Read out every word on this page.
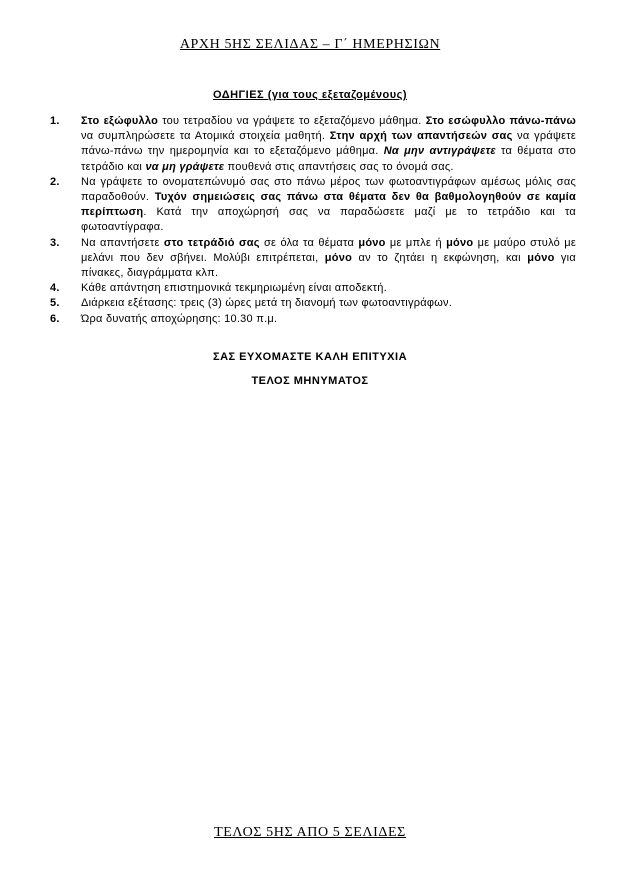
ΑΡΧΗ 5ΗΣ ΣΕΛΙΔΑΣ – Γ΄ ΗΜΕΡΗΣΙΩΝ
ΟΔΗΓΙΕΣ (για τους εξεταζομένους)
1.	Στο εξώφυλλο του τετραδίου να γράψετε το εξεταζόμενο μάθημα. Στο εσώφυλλο πάνω-πάνω να συμπληρώσετε τα Ατομικά στοιχεία μαθητή. Στην αρχή των απαντήσεών σας να γράψετε πάνω-πάνω την ημερομηνία και το εξεταζόμενο μάθημα. Να μην αντιγράψετε τα θέματα στο τετράδιο και να μη γράψετε πουθενά στις απαντήσεις σας το όνομά σας.
2.	Να γράψετε το ονοματεπώνυμό σας στο πάνω μέρος των φωτοαντιγράφων αμέσως μόλις σας παραδοθούν. Τυχόν σημειώσεις σας πάνω στα θέματα δεν θα βαθμολογηθούν σε καμία περίπτωση. Κατά την αποχώρησή σας να παραδώσετε μαζί με το τετράδιο και τα φωτοαντίγραφα.
3.	Να απαντήσετε στο τετράδιό σας σε όλα τα θέματα μόνο με μπλε ή μόνο με μαύρο στυλό με μελάνι που δεν σβήνει. Μολύβι επιτρέπεται, μόνο αν το ζητάει η εκφώνηση, και μόνο για πίνακες, διαγράμματα κλπ.
4.	Κάθε απάντηση επιστημονικά τεκμηριωμένη είναι αποδεκτή.
5.	Διάρκεια εξέτασης: τρεις (3) ώρες μετά τη διανομή των φωτοαντιγράφων.
6.	Ώρα δυνατής αποχώρησης: 10.30 π.μ.
ΣΑΣ ΕΥΧΟΜΑΣΤΕ ΚΑΛΗ ΕΠΙΤΥΧΙΑ
ΤΕΛΟΣ ΜΗΝΥΜΑΤΟΣ
ΤΕΛΟΣ 5ΗΣ ΑΠΟ 5 ΣΕΛΙΔΕΣ
